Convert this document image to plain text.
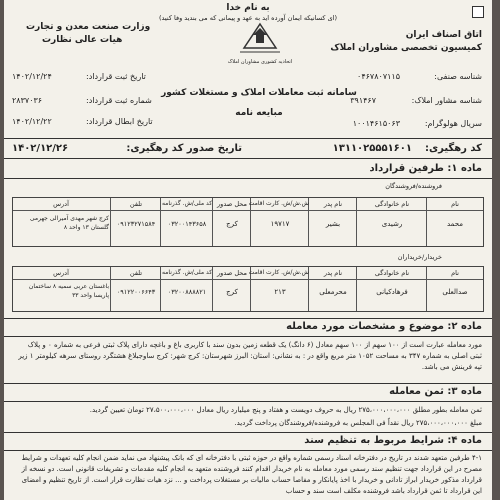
به نام خدا
(ای کسانیکه ایمان آورده اید به عهد و پیمانی که می بندید وفا کنید)
اتاق اصناف ایران
کمیسیون تخصصی مشاوران املاک
شناسه صنفی:
۰۴۶۷۸۰۷۱۱۵
شناسه مشاور املاک:
۳۹۱۴۶۷
سریال هولوگرام:
۱۰۰۱۴۶۱۵۰۶۳
اتحادیه کشوری مشاوران املاک
وزارت صنعت معدن و تجارت
هیات عالی نظارت
تاریخ ثبت قرارداد:
۱۴۰۲/۱۲/۲۴
شماره ثبت قرارداد:
۲۸۳۷۰۳۶
تاریخ ابطال قرارداد:
۱۴۰۲/۱۲/۲۲
سامانه ثبت معاملات املاک و مستغلات کشور
مبایعه نامه
کد رهگیری:
۱۳۱۱۰۲۵۵۵۱۶۰۱
تاریخ صدور کد رهگیری:
۱۴۰۲/۱۲/۲۶
ماده ۱: طرفین قرارداد
فروشنده/فروشندگان
نام
نام خانوادگی
نام پدر
ش.ش/ش. کارت اقامت
محل صدور
کد ملی/ش. گذرنامه
تلفن
آدرس
محمد
رشیدی
بشیر
۱۹۷۱۷
کرج
۰۳۲۰۰۱۴۳۶۵۸
۰۹۱۲۳۲۷۱۵۸۴
کرج شهر مهدی آمیرالی جهرمی گلستان ۱۳ واحد ۸
خریدار/خریداران
نام
نام خانوادگی
نام پدر
ش.ش/ش. کارت اقامت
محل صدور
کد ملی/ش. گذرنامه
تلفن
آدرس
صدالعلی
فرهادکیانی
محرمعلی
۲۱۳
کرج
۰۳۲۰۰۸۸۸۸۲۱
۰۹۱۲۲۰۰۶۶۴۳
باغستان عربی سمیه ۸ ساختمان پاریسا واحد ۳۳
ماده ۲: موضوع و مشخصات مورد معامله
مورد معامله عبارت است از ۱۰۰ سهم از ۱۰۰ سهم معادل (۶ دانگ) یک قطعه زمین بدون سند با کاربری باغ و باغچه دارای پلاک ثبتی فرعی به شماره ۰ و پلاک ثبتی اصلی به شماره ۳۴۷ به مساحت ۱۰۵۲ متر مربع واقع در : به نشانی: استان: البرز شهرستان: کرج شهر: کرج ساوجبلاغ هشتگرد روستای سرهه کیلومتر ۱ زیر تپه فرینش می باشد.
ماده ۳: ثمن معامله
ثمن معامله بطور مطلق ۲۷۵،۰۰۰،۰۰۰،۰۰۰ ریال به حروف دویست و هفتاد و پنج میلیارد ریال معادل ۲۷،۵۰۰،۰۰۰،۰۰۰ تومان تعیین گردید.
مبلغ ۲۷۵،۰۰۰،۰۰۰،۰۰۰ ریال نقداً فی المجلس به فروشنده/فروشندگان پرداخت گردید.
ماده ۴: شرایط مربوط به تنظیم سند
۴-۱ طرفین متعهد شدند در تاریخ در دفترخانه اسناد رسمی شماره واقع در حوزه ثبتی با دفترخانه ای که بانک پیشنهاد می نماید ضمن انجام کلیه تعهدات و شرایط مصرح در این قرارداد جهت تنظیم سند رسمی مورد معامله به نام خریدار اقدام کنند فروشنده متعهد به انجام کلیه مقدمات و تشریفات قانونی است. دو نسخه از قرارداد مذکور خریدار ابراز تادانی و خریدار با اخذ پایانکار و مفاصا حساب مالیات بر مستغلات پرداخت و ... نزد هیات نظارت قرار است. از تاریخ تنظیم و امضای این قرارداد تا ثمن قرارداد باشد فروشنده مکلف است سند و حساب
